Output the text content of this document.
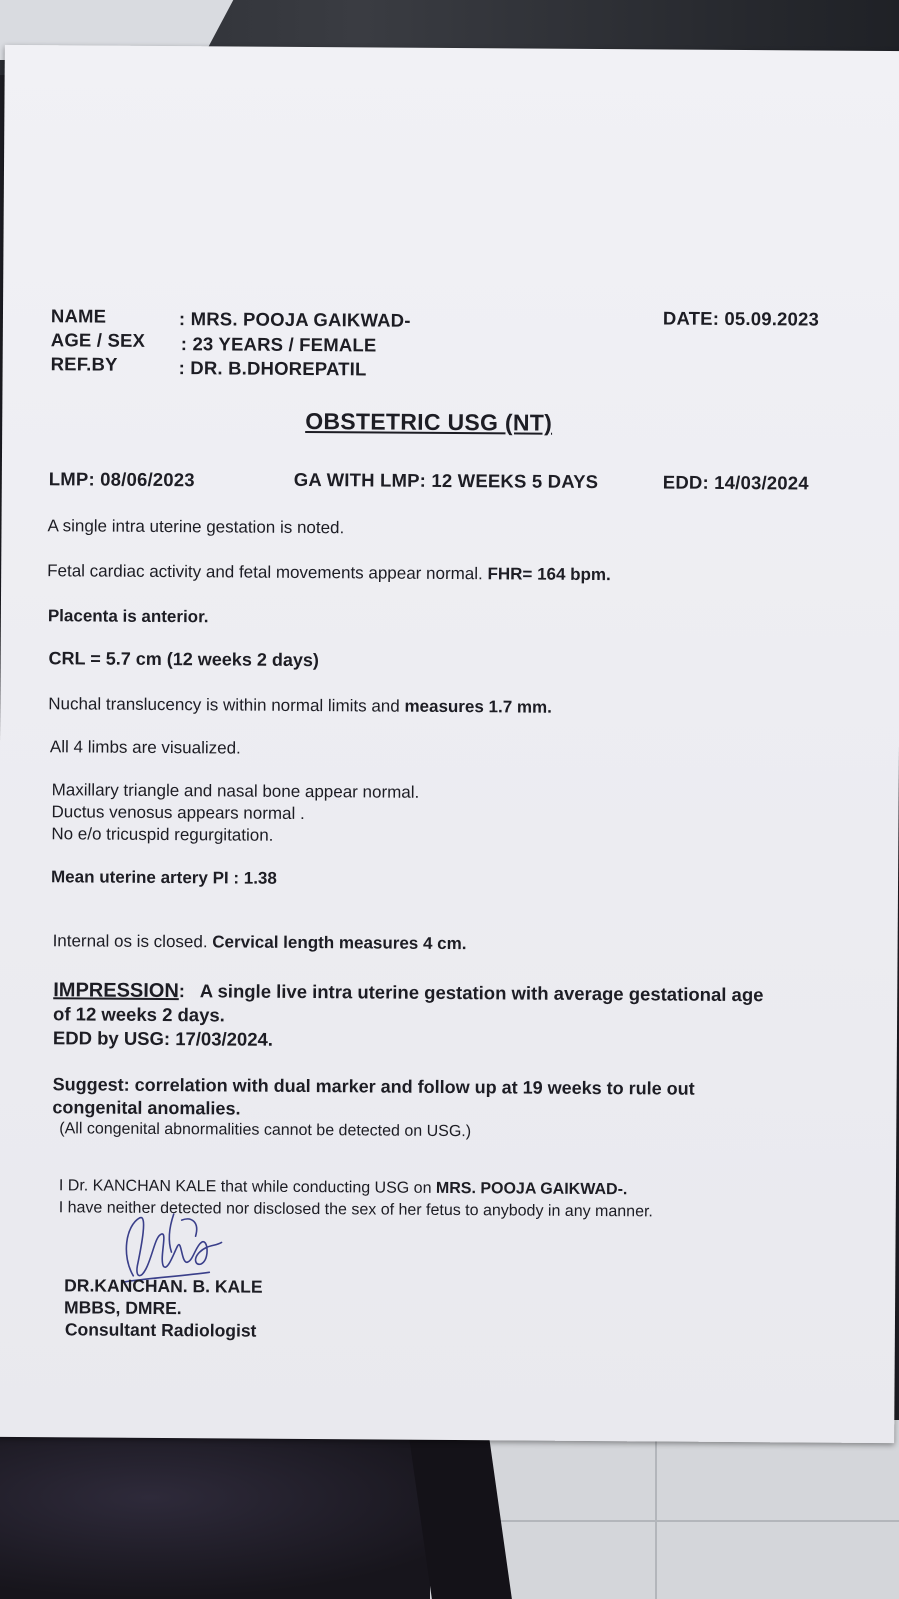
NAME	: MRS. POOJA GAIKWAD-	DATE: 05.09.2023
AGE / SEX : 23 YEARS / FEMALE
REF.BY	: DR. B.DHOREPATIL
OBSTETRIC USG (NT)
LMP: 08/06/2023	GA WITH LMP: 12 WEEKS 5 DAYS	EDD: 14/03/2024
A single intra uterine gestation is noted.
Fetal cardiac activity and fetal movements appear normal. FHR= 164 bpm.
Placenta is anterior.
CRL = 5.7 cm (12 weeks 2 days)
Nuchal translucency is within normal limits and measures 1.7 mm.
All 4 limbs are visualized.
Maxillary triangle and nasal bone appear normal.
Ductus venosus appears normal .
No e/o tricuspid regurgitation.
Mean uterine artery PI : 1.38
Internal os is closed. Cervical length measures 4 cm.
IMPRESSION: A single live intra uterine gestation with average gestational age
of 12 weeks 2 days.
EDD by USG: 17/03/2024.
Suggest: correlation with dual marker and follow up at 19 weeks to rule out
congenital anomalies.
(All congenital abnormalities cannot be detected on USG.)
I Dr. KANCHAN KALE that while conducting USG on MRS. POOJA GAIKWAD-.
I have neither detected nor disclosed the sex of her fetus to anybody in any manner.
DR.KANCHAN. B. KALE
MBBS, DMRE.
Consultant Radiologist
